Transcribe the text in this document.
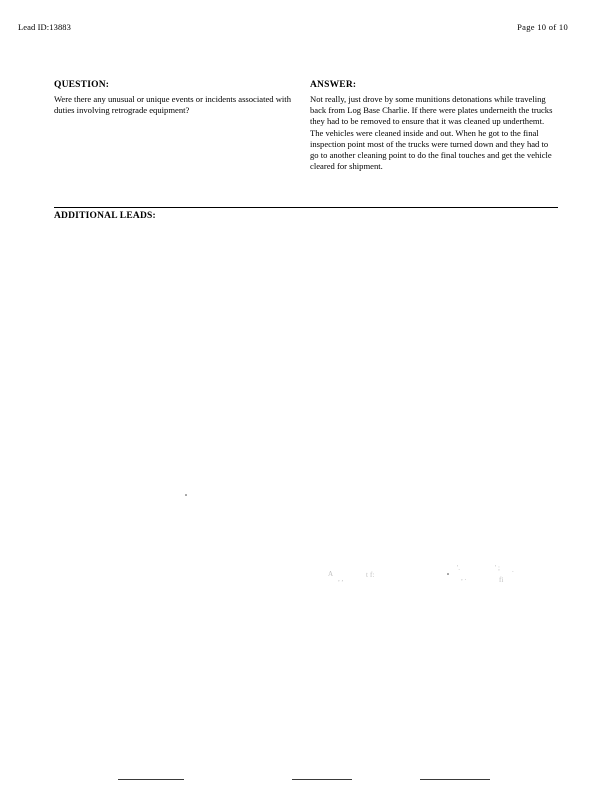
Lead ID:13883	Page 10 of 10
QUESTION:
Were there any unusual or unique events or incidents associated with duties involving retrograde equipment?
ANSWER:
Not really, just drove by some munitions detonations while traveling back from Log Base Charlie. If there were plates underneith the trucks they had to be removed to ensure that it was cleaned up underthemt. The vehicles were cleaned inside and out. When he got to the final inspection point most of the trucks were turned down and they had to go to another cleaning point to do the final touches and get the vehicle cleared for shipment.
ADDITIONAL LEADS:
A
, ,	f:
t
'.
, .	fi
' ; .
